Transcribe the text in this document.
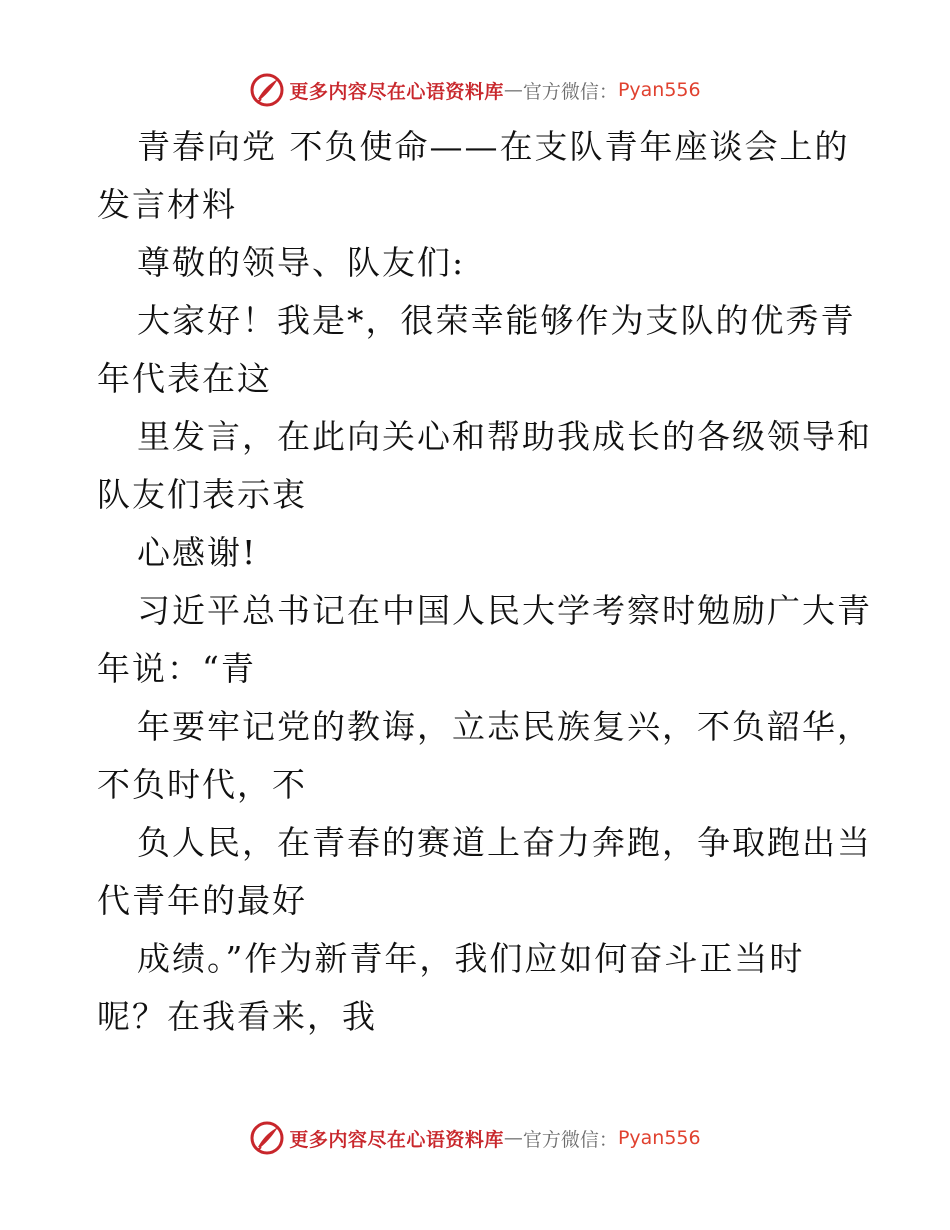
更多内容尽在心语资料库 — 官方微信： Pyan556

青春向党 不负使命——在支队青年座谈会上的

发言材料

尊敬的领导、队友们:

大家好！我是*，很荣幸能够作为支队的优秀青

年代表在这

里发言，在此向关心和帮助我成长的各级领导和

队友们表示衷

心感谢!

习近平总书记在中国人民大学考察时勉励广大青

年说：“青

年要牢记党的教诲，立志民族复兴，不负韶华，

不负时代，不

负人民，在青春的赛道上奋力奔跑，争取跑出当

代青年的最好

成绩。”作为新青年，我们应如何奋斗正当时

呢？在我看来，我

更多内容尽在心语资料库 — 官方微信： Pyan556
